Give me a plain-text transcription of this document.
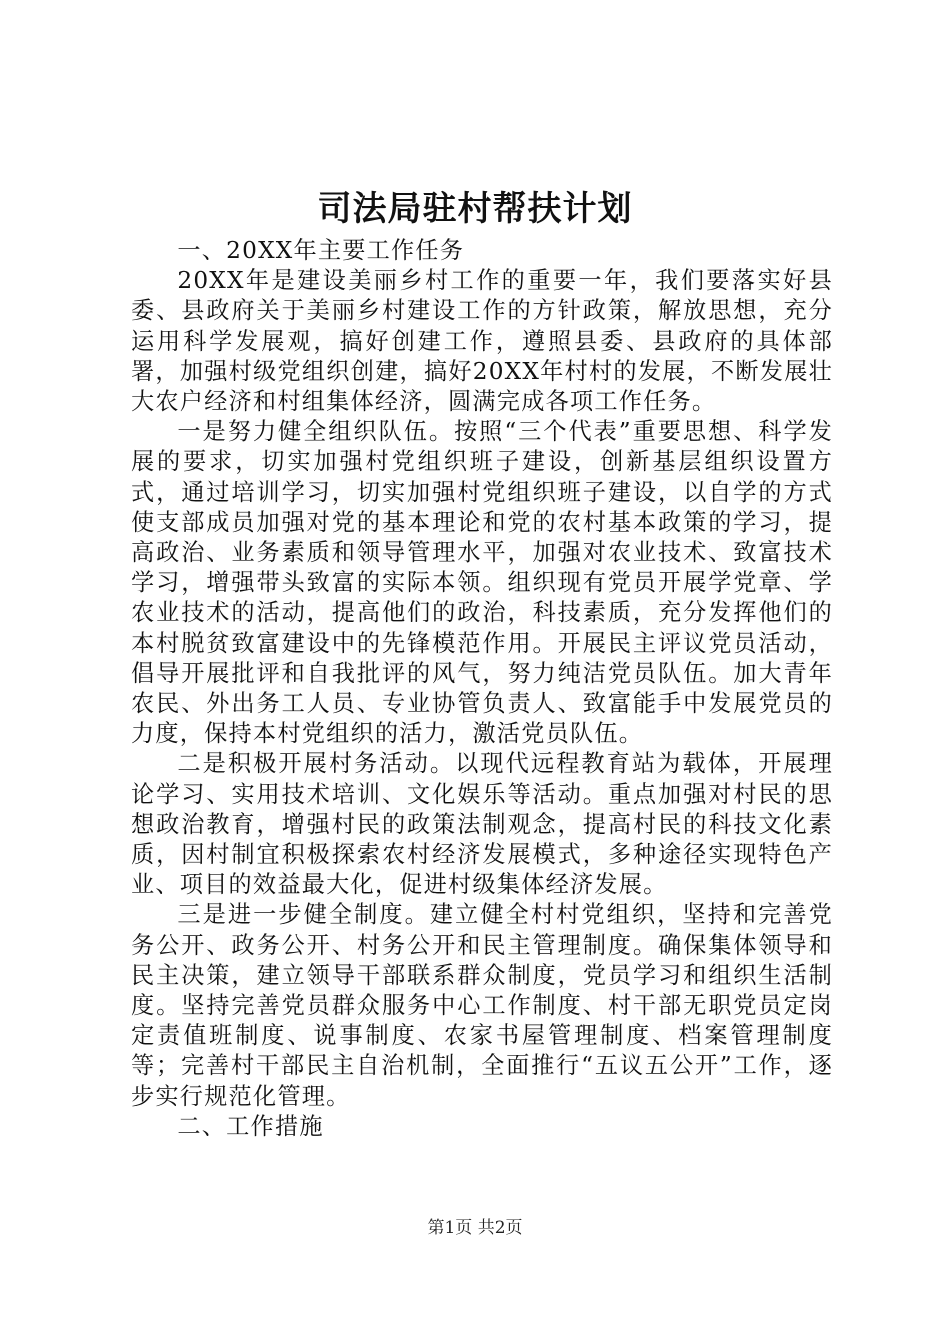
司法局驻村帮扶计划

一、20XX年主要工作任务

20XX年是建设美丽乡村工作的重要一年，我们要落实好县委、县政府关于美丽乡村建设工作的方针政策，解放思想，充分运用科学发展观，搞好创建工作，遵照县委、县政府的具体部署，加强村级党组织创建，搞好20XX年村村的发展，不断发展壮大农户经济和村组集体经济，圆满完成各项工作任务。

一是努力健全组织队伍。按照“三个代表”重要思想、科学发展的要求，切实加强村党组织班子建设，创新基层组织设置方式，通过培训学习，切实加强村党组织班子建设，以自学的方式使支部成员加强对党的基本理论和党的农村基本政策的学习，提高政治、业务素质和领导管理水平，加强对农业技术、致富技术学习，增强带头致富的实际本领。组织现有党员开展学党章、学农业技术的活动，提高他们的政治，科技素质，充分发挥他们的本村脱贫致富建设中的先锋模范作用。开展民主评议党员活动，倡导开展批评和自我批评的风气，努力纯洁党员队伍。加大青年农民、外出务工人员、专业协管负责人、致富能手中发展党员的力度，保持本村党组织的活力，激活党员队伍。

二是积极开展村务活动。以现代远程教育站为载体，开展理论学习、实用技术培训、文化娱乐等活动。重点加强对村民的思想政治教育，增强村民的政策法制观念，提高村民的科技文化素质，因村制宜积极探索农村经济发展模式，多种途径实现特色产业、项目的效益最大化，促进村级集体经济发展。

三是进一步健全制度。建立健全村村党组织，坚持和完善党务公开、政务公开、村务公开和民主管理制度。确保集体领导和民主决策，建立领导干部联系群众制度，党员学习和组织生活制度。坚持完善党员群众服务中心工作制度、村干部无职党员定岗定责值班制度、说事制度、农家书屋管理制度、档案管理制度等；完善村干部民主自治机制，全面推行“五议五公开”工作，逐步实行规范化管理。

二、工作措施

第1页 共2页
